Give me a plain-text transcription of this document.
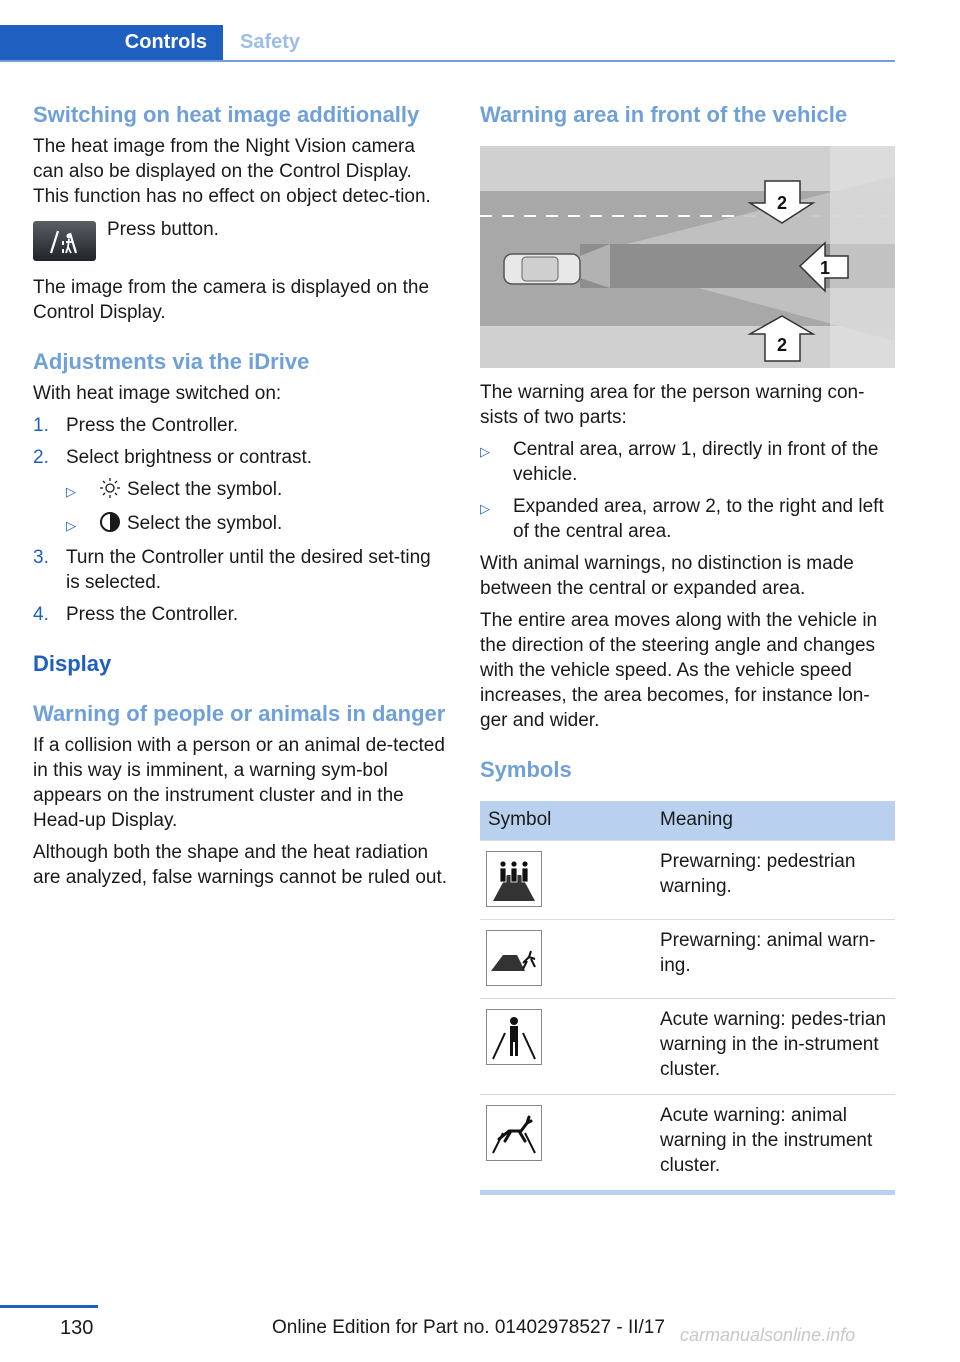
Controls	Safety
Switching on heat image additionally

The heat image from the Night Vision camera can also be displayed on the Control Display. This function has no effect on object detec‐tion.

Press button.

The image from the camera is displayed on the Control Display.

Adjustments via the iDrive

With heat image switched on:

1. Press the Controller.
2. Select brightness or contrast.
▷	Select the symbol.
▷	Select the symbol.
3. Turn the Controller until the desired set‐ting is selected.
4. Press the Controller.
Display
Warning of people or animals in danger

If a collision with a person or an animal de‐tected in this way is imminent, a warning sym‐bol appears on the instrument cluster and in the Head-up Display.

Although both the shape and the heat radiation are analyzed, false warnings cannot be ruled out.

Warning area in front of the vehicle
2
1
2

The warning area for the person warning con‐sists of two parts:

▷	Central area, arrow 1, directly in front of the vehicle.
▷	Expanded area, arrow 2, to the right and left of the central area.

With animal warnings, no distinction is made between the central or expanded area.

The entire area moves along with the vehicle in the direction of the steering angle and changes with the vehicle speed. As the vehicle speed increases, the area becomes, for instance lon‐ger and wider.

Symbols
Symbol	Meaning

	Prewarning: pedestrian warning.

	Prewarning: animal warn‐ing.

	Acute warning: pedes‐trian warning in the in‐strument cluster.

	Acute warning: animal warning in the instrument cluster.
130	Online Edition for Part no. 01402978527 - II/17 carmanualsonline.info
